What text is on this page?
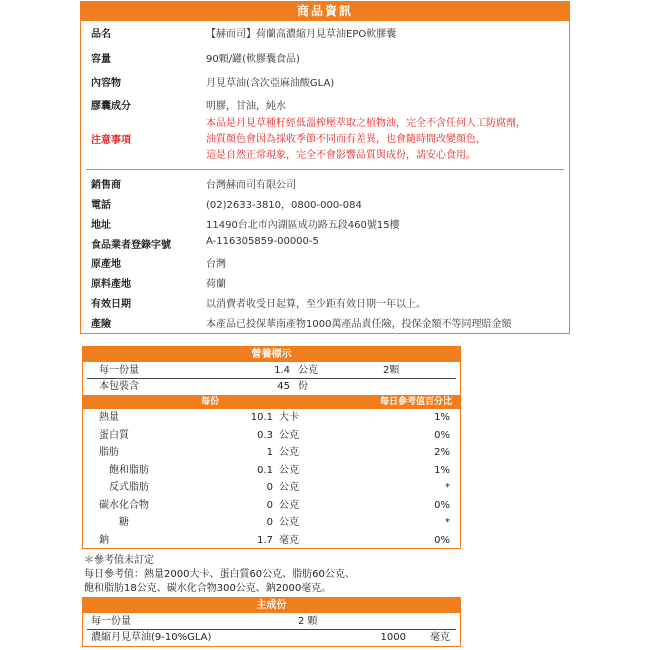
商品資訊
品名	【赫而司】荷蘭高濃縮月見草油EPO軟膠囊
容量	90顆/罐(軟膠囊食品)
內容物	月見草油(含次亞麻油酸GLA)
膠囊成分	明膠，甘油，純水
注意事項
本品是月見草種籽經低溫榨壓萃取之植物油，完全不含任何人工防腐劑，
油質顏色會因為採收季節不同而有差異，也會隨時間改變顏色，
這是自然正常現象，完全不會影響品質與成份，請安心食用。
銷售商	台灣赫而司有限公司
電話	(02)2633-3810，0800-000-084
地址	11490台北市內湖區成功路五段460號15樓
食品業者登錄字號	A-116305859-00000-5
原產地	台灣
原料產地	荷蘭
有效日期	以消費者收受日起算，至少距有效日期一年以上。
產險	本產品已投保華南產物1000萬產品責任險，投保金額不等同理賠金額
營養標示
每一份量	1.4 公克	2顆
本包裝含	45 份
每份	每日參考值百分比
熱量	10.1 大卡	1%
蛋白質	0.3 公克	0%
脂肪	1 公克	2%
飽和脂肪	0.1 公克	1%
反式脂肪	0 公克	*
碳水化合物	0 公克	0%
糖	0 公克	*
鈉	1.7 毫克	0%
＊參考值未訂定
每日參考值：熱量2000大卡、蛋白質60公克、脂肪60公克、
飽和脂肪18公克、碳水化合物300公克、鈉2000毫克。
主成份
每一份量	2 顆
濃縮月見草油(9-10%GLA)	1000 毫克
